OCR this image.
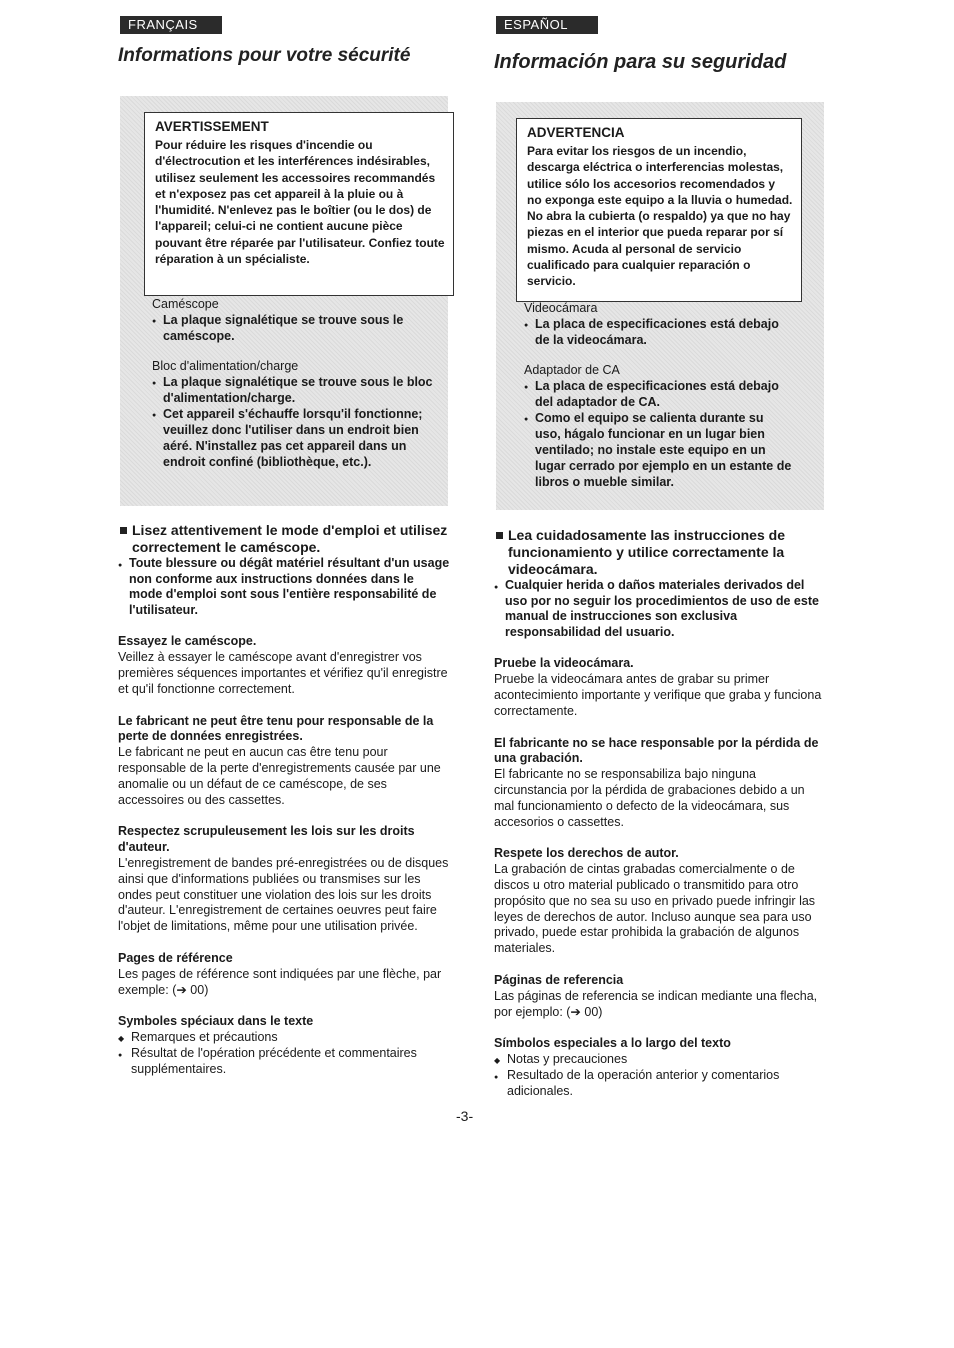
FRANÇAIS
Informations pour votre sécurité

AVERTISSEMENT

Pour réduire les risques d'incendie ou d'électrocution et les interférences indésirables, utilisez seulement les accessoires recommandés et n'exposez pas cet appareil à la pluie ou à l'humidité. N'enlevez pas le boîtier (ou le dos) de l'appareil; celui-ci ne contient aucune pièce pouvant être réparée par l'utilisateur. Confiez toute réparation à un spécialiste.

Caméscope

● La plaque signalétique se trouve sous le caméscope.

Bloc d'alimentation/charge

● La plaque signalétique se trouve sous le bloc d'alimentation/charge.

● Cet appareil s'échauffe lorsqu'il fonctionne; veuillez donc l'utiliser dans un endroit bien aéré. N'installez pas cet appareil dans un endroit confiné (bibliothèque, etc.).

Lisez attentivement le mode d'emploi et utilisez correctement le caméscope.

● Toute blessure ou dégât matériel résultant d'un usage non conforme aux instructions données dans le mode d'emploi sont sous l'entière responsabilité de l'utilisateur.

Essayez le caméscope.

Veillez à essayer le caméscope avant d'enregistrer vos premières séquences importantes et vérifiez qu'il enregistre et qu'il fonctionne correctement.

Le fabricant ne peut être tenu pour responsable de la perte de données enregistrées.

Le fabricant ne peut en aucun cas être tenu pour responsable de la perte d'enregistrements causée par une anomalie ou un défaut de ce caméscope, de ses accessoires ou des cassettes.

Respectez scrupuleusement les lois sur les droits d'auteur.

L'enregistrement de bandes pré-enregistrées ou de disques ainsi que d'informations publiées ou transmises sur les ondes peut constituer une violation des lois sur les droits d'auteur. L'enregistrement de certaines oeuvres peut faire l'objet de limitations, même pour une utilisation privée.

Pages de référence

Les pages de référence sont indiquées par une flèche, par exemple: (➔ 00)

Symboles spéciaux dans le texte

◆ Remarques et précautions

● Résultat de l'opération précédente et commentaires supplémentaires.

ESPAÑOL
Información para su seguridad

ADVERTENCIA

Para evitar los riesgos de un incendio, descarga eléctrica o interferencias molestas, utilice sólo los accesorios recomendados y no exponga este equipo a la lluvia o humedad. No abra la cubierta (o respaldo) ya que no hay piezas en el interior que pueda reparar por sí mismo. Acuda al personal de servicio cualificado para cualquier reparación o servicio.

Videocámara

● La placa de especificaciones está debajo de la videocámara.

Adaptador de CA

● La placa de especificaciones está debajo del adaptador de CA.

● Como el equipo se calienta durante su uso, hágalo funcionar en un lugar bien ventilado; no instale este equipo en un lugar cerrado por ejemplo en un estante de libros o mueble similar.

Lea cuidadosamente las instrucciones de funcionamiento y utilice correctamente la videocámara.

● Cualquier herida o daños materiales derivados del uso por no seguir los procedimientos de uso de este manual de instrucciones son exclusiva responsabilidad del usuario.

Pruebe la videocámara.

Pruebe la videocámara antes de grabar su primer acontecimiento importante y verifique que graba y funciona correctamente.

El fabricante no se hace responsable por la pérdida de una grabación.

El fabricante no se responsabiliza bajo ninguna circunstancia por la pérdida de grabaciones debido a un mal funcionamiento o defecto de la videocámara, sus accesorios o cassettes.

Respete los derechos de autor.

La grabación de cintas grabadas comercialmente o de discos u otro material publicado o transmitido para otro propósito que no sea su uso en privado puede infringir las leyes de derechos de autor. Incluso aunque sea para uso privado, puede estar prohibida la grabación de algunos materiales.

Páginas de referencia

Las páginas de referencia se indican mediante una flecha, por ejemplo: (➔ 00)

Símbolos especiales a lo largo del texto

◆ Notas y precauciones

● Resultado de la operación anterior y comentarios adicionales.

-3-
